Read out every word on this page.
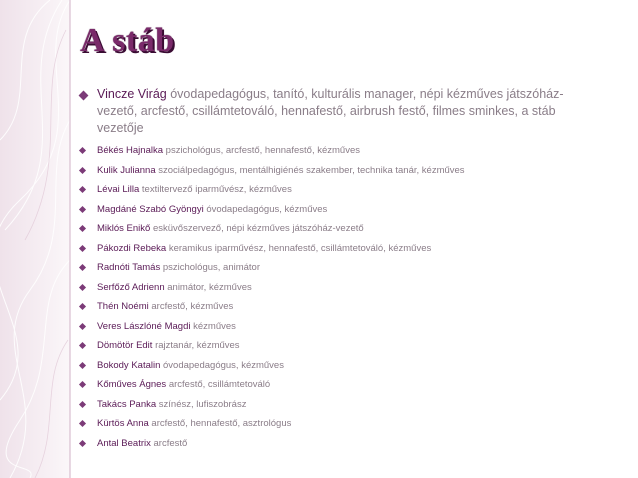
A stáb
Vincze Virág óvodapedagógus, tanító, kulturális manager, népi kézműves játszóház-vezető, arcfestő, csillámtetováló, hennafestő, airbrush festő, filmes sminkes, a stáb vezetője
Békés Hajnalka pszichológus, arcfestő, hennafestő, kézműves
Kulik Julianna szociálpedagógus, mentálhigiénés szakember, technika tanár, kézműves
Lévai Lilla textiltervező iparművész, kézműves
Magdáné Szabó Gyöngyi óvodapedagógus, kézműves
Miklós Enikő esküvőszervező, népi kézműves játszóház-vezető
Pákozdi Rebeka keramikus iparművész, hennafestő, csillámtetováló, kézműves
Radnóti Tamás pszichológus, animátor
Serfőző Adrienn animátor, kézműves
Thén Noémi arcfestő, kézműves
Veres Lászlóné Magdi kézműves
Dömötör Edit rajztanár, kézműves
Bokody Katalin óvodapedagógus, kézműves
Kőműves Ágnes arcfestő, csillámtetováló
Takács Panka színész, lufiszobrász
Kürtös Anna arcfestő, hennafestő, asztrológus
Antal Beatrix arcfestő
